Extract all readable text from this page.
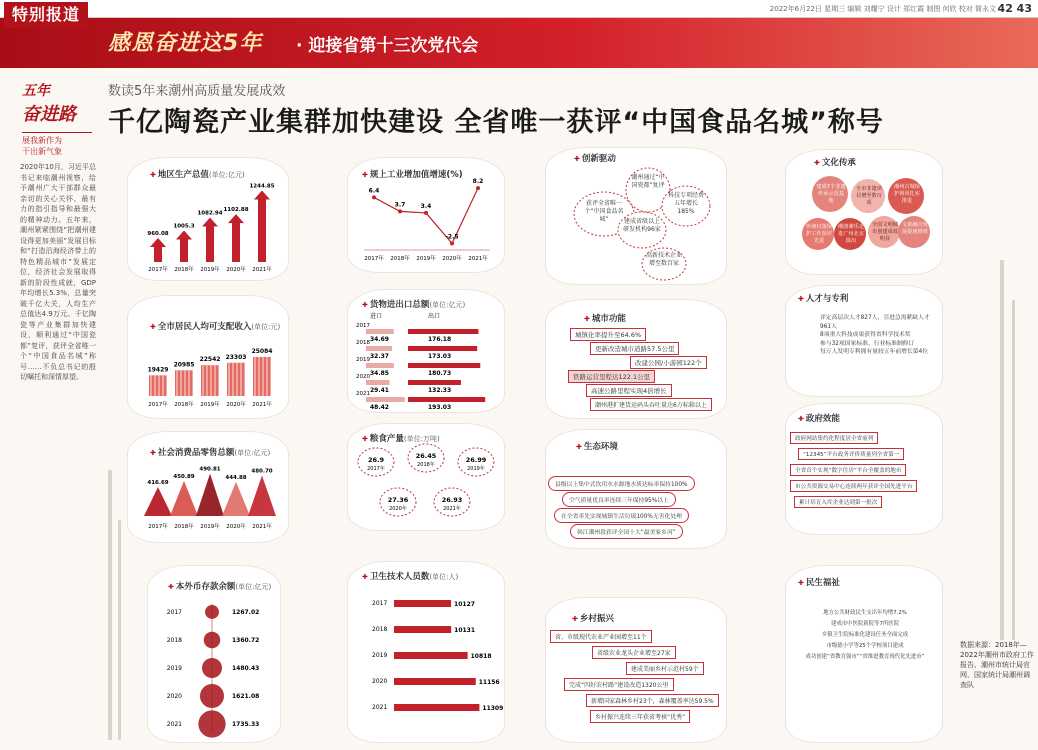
2022年6月22日 星期三 编辑 刘耀宁 设计 郑红霞 制图 何欣 校对 简永文 42 43
特别报道
感恩奋进这5年 · 迎接省第十三次党代会
五年
奋进路
展我新作为
干出新气象
2020年10月，习近平总书记来临潮州视察，给予潮州广大干部群众最亲切的关心关怀、最有力的指引指导和最强大的精神动力。五年来，潮州紧紧围绕“把潮州建设得更加美丽”发展目标和“打造沿海经济带上的特色精品城市”发展定位，经济社会发展取得新的阶段性成就，GDP年均增长5.3%，总量突破千亿大关，人均生产总值达4.9万元。千亿陶瓷等产业集群加快建设，顺利通过“中国瓷都”复评，获评全省唯一个“中国食品名城”称号……不负总书记的殷切嘱托和深情厚望。
数读5年来潮州高质量发展成效
千亿陶瓷产业集群加快建设 全省唯一获评“中国食品名城”称号
✚ 地区生产总值(单位:亿元)
960.08
2017年
1005.3
2018年
1082.94
2019年
1102.88
2020年
1244.85
2021年
✚ 全市居民人均可支配收入(单位:元)
19429
2017年
20985
2018年
22542
2019年
23303
2020年
25084
2021年
✚ 社会消费品零售总额(单位:亿元)
416.69
2017年
450.89
2018年
490.81
2019年
444.88
2020年
480.70
2021年
✚ 本外币存款余额(单位:亿元)
2017	1267.02
2018	1360.72
2019	1480.43
2020	1621.08
2021	1735.33
✚ 规上工业增加值增速(%)
6.4
2017年
3.7
2018年
3.4
2019年
-2.5
2020年
8.2
2021年
✚ 货物进出口总额(单位:亿元)
进口	出口
2017
34.69	176.18
2018
32.37	173.03
2019
34.85	180.73
2020
29.41	132.33
2021
48.42	193.03
✚ 粮食产量(单位:万吨)
26.9
2017年
26.45
2018年
26.99
2019年
27.36
2020年
26.93
2021年
✚ 卫生技术人员数(单位:人)
2017	10127
2018	10131
2019	10818
2020	11156
2021	11309
✚ 创新驱动
获评全省唯一个“中国食品名城”
潮州通过“中国瓷都”复评
科技专项经费五年增长185%
建成省级以上研发机构96家
高新技术企业增至数百家
✚ 城市功能
城镇化率提升至64.6%
更新改造城市道路57.5公里
改建公园/小游园122个
铁路运营里程达122.1公里
高速公路里程实现4倍增长
潮州港扩建货运码头吞吐量达6万标箱以上
✚ 生态环境
县级以上集中式饮用水水源地水质达标率保持100%
空气质量优良率连续三年保持95%以上
在全省率先实现城镇生活垃圾100%无害化处理
韩江潮州段获评全国十大“最美家乡河”
✚ 乡村振兴
省、市级现代农业产业园增至11个
省级农业龙头企业增至27家
建成美丽乡村示范村59个
完成“四好农村路”建设改造1320公里
新增国家森林乡村23个，森林覆盖率达59.5%
乡村振兴连续三年获省考核“优秀”
✚ 文化传承
建成7个非遗传承示范基地
全市非遗项目增至数百项
潮州古城保护利用扎实推进
传统村落保护工作获评先进
潮剧潮乐走进广州北京演出
全国文明城市创建成效明显
文旅融合发展提速增效
✚ 人才与专利
评定高层次人才827人，引进急需紧缺人才961人
8项重大科技成果获得省科学技术奖
参与32项国家标准、行业标准制修订
每万人发明专利拥有量较五年前增长第4位
✚ 政府效能
政府网站集约化程度居全省前列
“12345”平台政务评价质量列全省第一
全省首个实现“数字住房”平台全覆盖的地市
市公共资源交易中心连续两年获评全国先进平台
累计培育入库企业达到第一批次
✚ 民生福祉
地方公共财政民生支出年均增7.2%
建成市中医院新院等7所医院
乡镇卫生院标准化建设任务全面完成
市级德小学等25个学校项目建成
成功创建“省教育强市”“省推进教育现代化先进市”
数据来源：2018年—2022年潮州市政府工作报告、潮州市统计局官网、国家统计局潮州调查队
